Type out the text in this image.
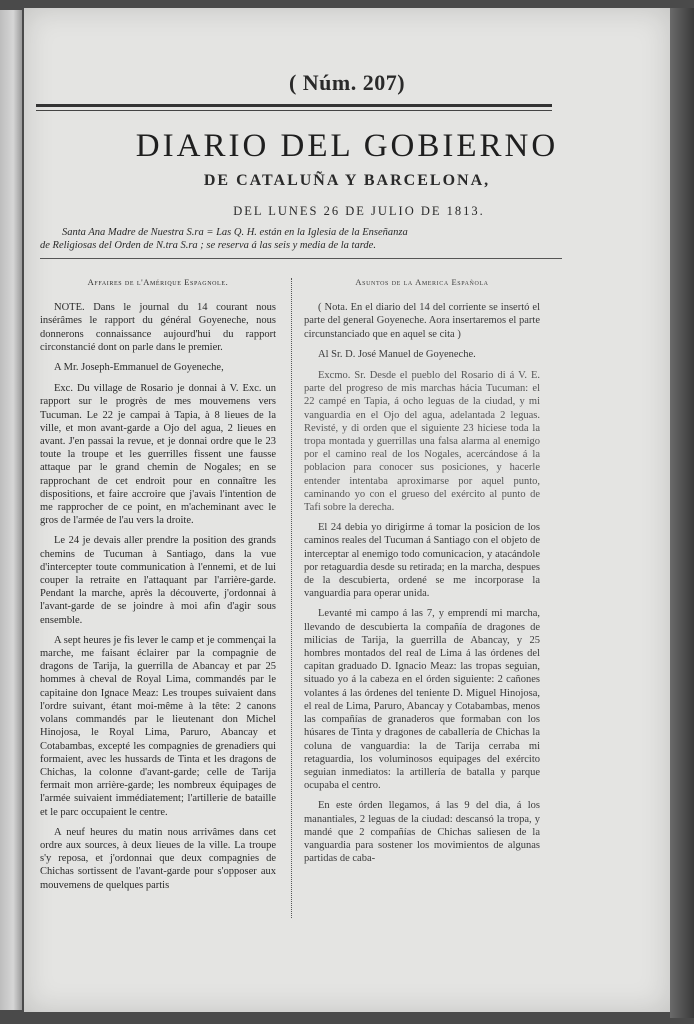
( Núm. 207)
DIARIO DEL GOBIERNO
DE CATALUÑA Y BARCELONA,
DEL LUNES 26 DE JULIO DE 1813.
Santa Ana Madre de Nuestra S.ra = Las Q. H. están en la Iglesia de la Enseñanza
de Religiosas del Orden de N.tra S.ra ; se reserva á las seis y media de la tarde.
Affaires de l'Amérique Espagnole.

NOTE. Dans le journal du 14 courant nous insérâmes le rapport du général Goyeneche, nous donnerons connaissance aujourd'hui du rapport circonstancié dont on parle dans le premier.

A Mr. Joseph-Emmanuel de Goyeneche,

Exc. Du village de Rosario je donnai à V. Exc. un rapport sur le progrès de mes mouvemens vers Tucuman. Le 22 je campai à Tapia, à 8 lieues de la ville, et mon avant-garde a Ojo del agua, 2 lieues en avant. J'en passai la revue, et je donnai ordre que le 23 toute la troupe et les guerrilles fissent une fausse attaque par le grand chemin de Nogales; en se rapprochant de cet endroit pour en connaître les dispositions, et faire accroire que j'avais l'intention de me rapprocher de ce point, en m'acheminant avec le gros de l'armée de l'au vers la droite.

Le 24 je devais aller prendre la position des grands chemins de Tucuman à Santiago, dans la vue d'intercepter toute communication à l'ennemi, et de lui couper la retraite en l'attaquant par l'arrière-garde. Pendant la marche, après la découverte, j'ordonnai à l'avant-garde de se joindre à moi afin d'agir sous ensemble.

A sept heures je fis lever le camp et je commençai la marche, me faisant éclairer par la compagnie de dragons de Tarija, la guerrilla de Abancay et par 25 hommes à cheval de Royal Lima, commandés par le capitaine don Ignace Meaz: Les troupes suivaient dans l'ordre suivant, étant moi-même à la tête: 2 canons volans commandés par le lieutenant don Michel Hinojosa, le Royal Lima, Paruro, Abancay et Cotabambas, excepté les compagnies de grenadiers qui formaient, avec les hussards de Tinta et les dragons de Chichas, la colonne d'avant-garde; celle de Tarija fermait mon arrière-garde; les nombreux équipages de l'armée suivaient immédiatement; l'artillerie de bataille et le parc occupaient le centre.

A neuf heures du matin nous arrivâmes dans cet ordre aux sources, à deux lieues de la ville. La troupe s'y reposa, et j'ordonnai que deux compagnies de Chichas sortissent de l'avant-garde pour s'opposer aux mouvemens de quelques partis

Asuntos de la America Española

( Nota. En el diario del 14 del corriente se insertó el parte del general Goyeneche. Aora insertaremos el parte circunstanciado que en aquel se cita )

Al Sr. D. José Manuel de Goyeneche.

Excmo. Sr. Desde el pueblo del Rosario di á V. E. parte del progreso de mis marchas hácia Tucuman: el 22 campé en Tapia, á ocho leguas de la ciudad, y mi vanguardia en el Ojo del agua, adelantada 2 leguas. Revisté, y di orden que el siguiente 23 hiciese toda la tropa montada y guerrillas una falsa alarma al enemigo por el camino real de los Nogales, acercándose á la poblacion para conocer sus posiciones, y hacerle entender intentaba aproximarse por aquel punto, caminando yo con el grueso del exército al punto de Tafi sobre la derecha.

El 24 debia yo dirigirme á tomar la posicion de los caminos reales del Tucuman á Santiago con el objeto de interceptar al enemigo todo comunicacion, y atacándole por retaguardia desde su retirada; en la marcha, despues de la descubierta, ordené se me incorporase la vanguardia para operar unida.

Levanté mi campo á las 7, y emprendí mi marcha, llevando de descubierta la compañía de dragones de milicias de Tarija, la guerrilla de Abancay, y 25 hombres montados del real de Lima á las órdenes del capitan graduado D. Ignacio Meaz: las tropas seguian, situado yo á la cabeza en el órden siguiente: 2 cañones volantes á las órdenes del teniente D. Miguel Hinojosa, el real de Lima, Paruro, Abancay y Cotabambas, menos las compañías de granaderos que formaban con los húsares de Tinta y dragones de caballería de Chichas la coluna de vanguardia: la de Tarija cerraba mi retaguardia, los voluminosos equipages del exército seguian inmediatos: la artillería de batalla y parque ocupaba el centro.

En este órden llegamos, á las 9 del dia, á los manantiales, 2 leguas de la ciudad: descansó la tropa, y mandé que 2 compañías de Chichas saliesen de la vanguardia para sostener los movimientos de algunas partidas de caba-
